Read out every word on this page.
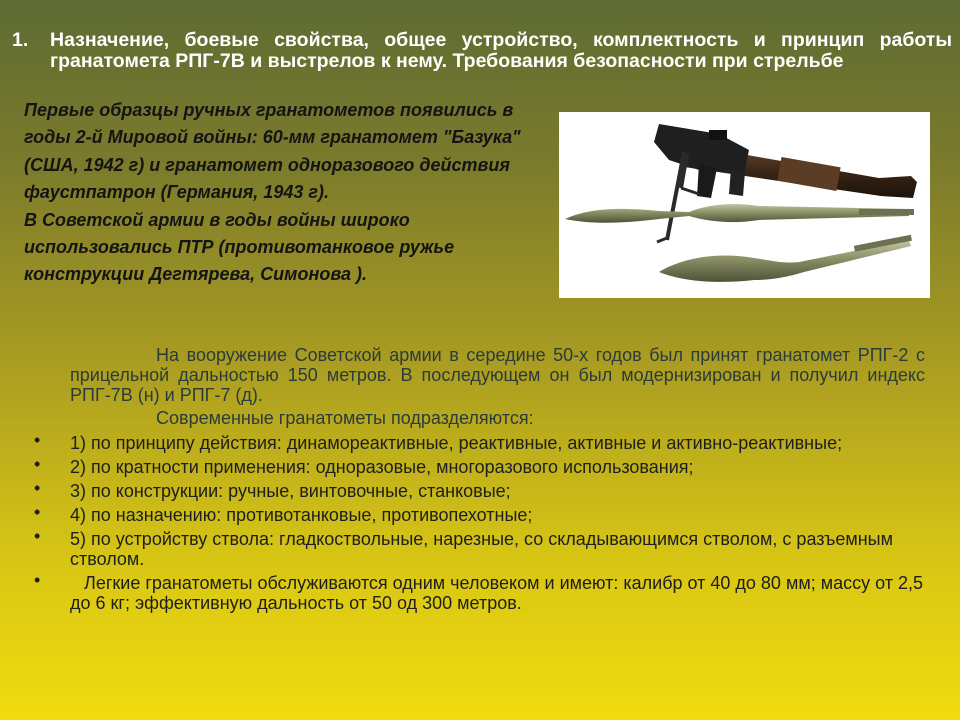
1.	Назначение, боевые свойства, общее устройство, комплектность и принцип работы гранатомета РПГ-7В и выстрелов к нему. Требования безопасности при стрельбе

Первые образцы ручных гранатометов появились в годы 2-й Мировой войны: 60-мм гранатомет "Базука" (США, 1942 г) и гранатомет одноразового действия фаустпатрон (Германия, 1943 г).

В Советской армии в годы войны широко использовались ПТР (противотанковое ружье конструкции Дегтярева, Симонова ).

На вооружение Советской армии в середине 50-х годов был принят гранатомет РПГ-2 с прицельной дальностью 150 метров. В последующем он был модернизирован и получил индекс РПГ-7В (н) и РПГ-7 (д).

Современные гранатометы подразделяются:

• 1) по принципу действия: динамореактивные, реактивные, активные и активно-реактивные;
• 2) по кратности применения: одноразовые, многоразового использования;
• 3) по конструкции: ручные, винтовочные, станковые;
• 4) по назначению: противотанковые, противопехотные;
• 5) по устройству ствола: гладкоствольные, нарезные, со складывающимся стволом, с разъемным стволом.
•	Легкие гранатометы обслуживаются одним человеком и имеют: калибр от 40 до 80 мм; массу от 2,5 до 6 кг; эффективную дальность от 50 од 300 метров.
